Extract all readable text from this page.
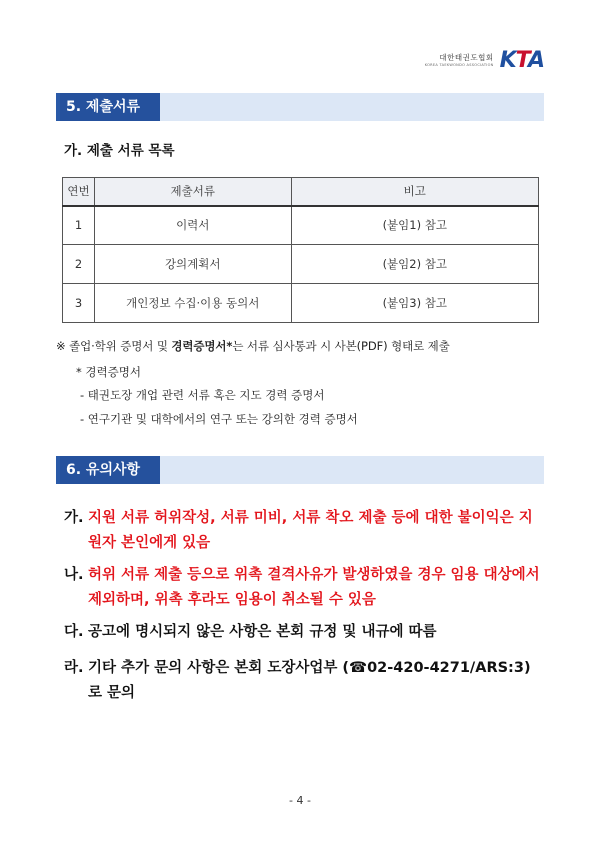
대한태권도협회
KOREA TAEKWONDO ASSOCIATION KTA
5. 제출서류
가. 제출 서류 목록
연번	제출서류	비고
1	이력서	(붙임1) 참고
2	강의계획서	(붙임2) 참고
3	개인정보 수집·이용 동의서	(붙임3) 참고
※ 졸업·학위 증명서 및 경력증명서*는 서류 심사통과 시 사본(PDF) 형태로 제출
* 경력증명서
- 태권도장 개업 관련 서류 혹은 지도 경력 증명서
- 연구기관 및 대학에서의 연구 또는 강의한 경력 증명서
6. 유의사항
가. 지원 서류 허위작성, 서류 미비, 서류 착오 제출 등에 대한 불이익은 지원자 본인에게 있음
나. 허위 서류 제출 등으로 위촉 결격사유가 발생하였을 경우 임용 대상에서 제외하며, 위촉 후라도 임용이 취소될 수 있음
다. 공고에 명시되지 않은 사항은 본회 규정 및 내규에 따름
라. 기타 추가 문의 사항은 본회 도장사업부 (☎02-420-4271/ARS:3)로 문의
- 4 -
